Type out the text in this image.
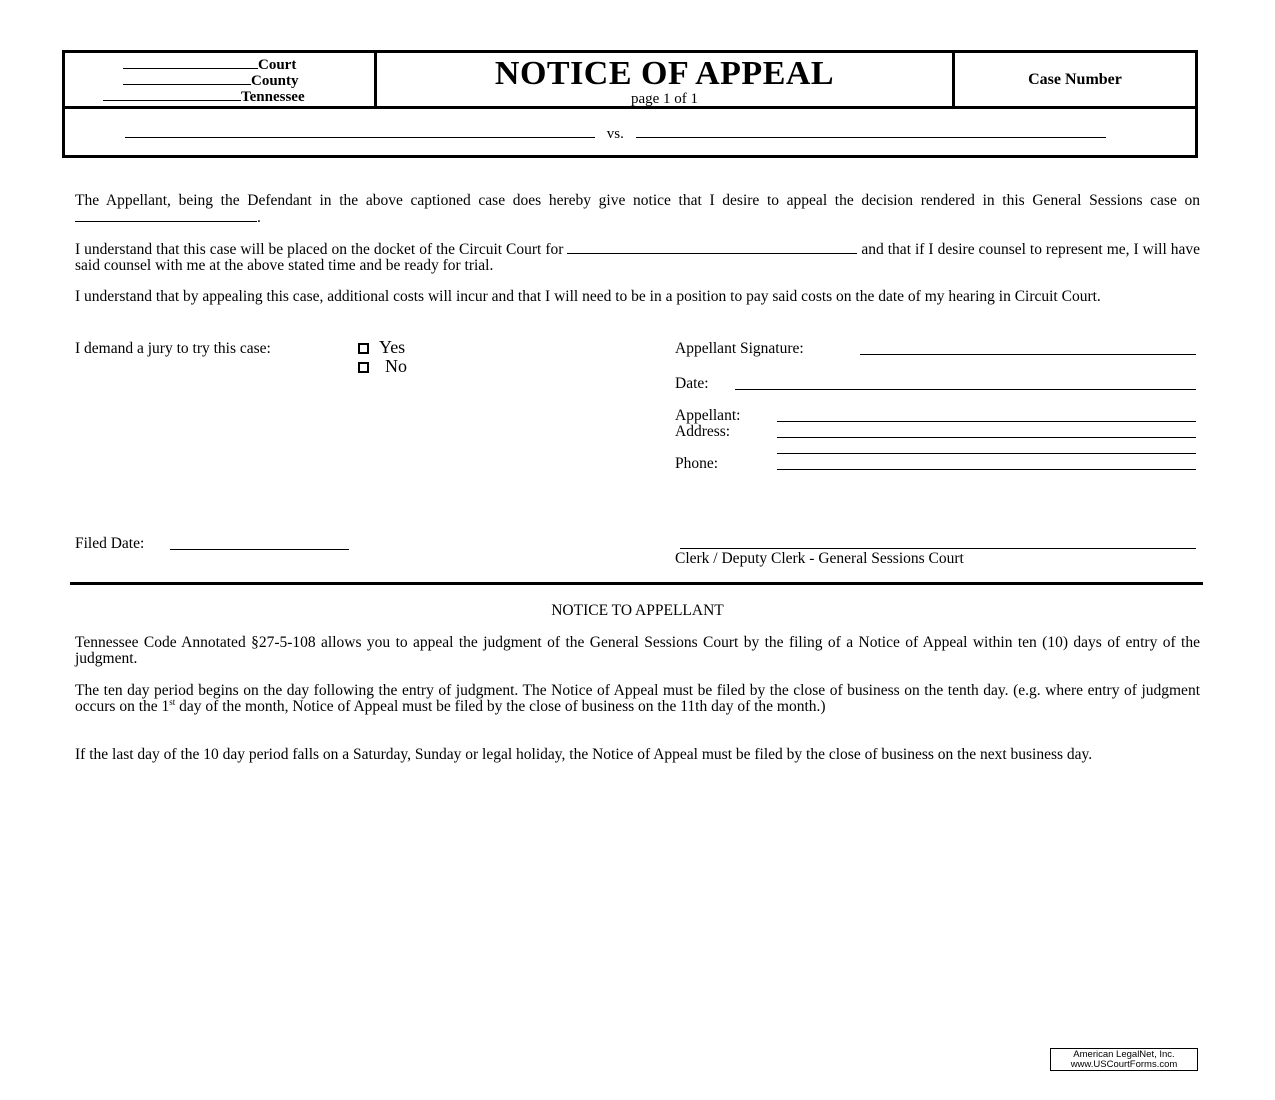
Court
County
Tennessee
NOTICE OF APPEAL
page 1 of 1
Case Number
vs.
The Appellant, being the Defendant in the above captioned case does hereby give notice that I desire to appeal the decision rendered in this General Sessions case on .
I understand that this case will be placed on the docket of the Circuit Court for	and that if I desire counsel to represent me, I will have said counsel with me at the above stated time and be ready for trial.
I understand that by appealing this case, additional costs will incur and that I will need to be in a position to pay said costs on the date of my hearing in Circuit Court.
I demand a jury to try this case:	Yes
No
Appellant Signature:
Date:
Appellant:
Address:
Phone:
Filed Date:
Clerk / Deputy Clerk - General Sessions Court
NOTICE TO APPELLANT
Tennessee Code Annotated §27-5-108 allows you to appeal the judgment of the General Sessions Court by the filing of a Notice of Appeal within ten (10) days of entry of the judgment.
The ten day period begins on the day following the entry of judgment. The Notice of Appeal must be filed by the close of business on the tenth day. (e.g. where entry of judgment occurs on the 1st day of the month, Notice of Appeal must be filed by the close of business on the 11th day of the month.)
If the last day of the 10 day period falls on a Saturday, Sunday or legal holiday, the Notice of Appeal must be filed by the close of business on the next business day.
American LegalNet, Inc.
www.USCourtForms.com
